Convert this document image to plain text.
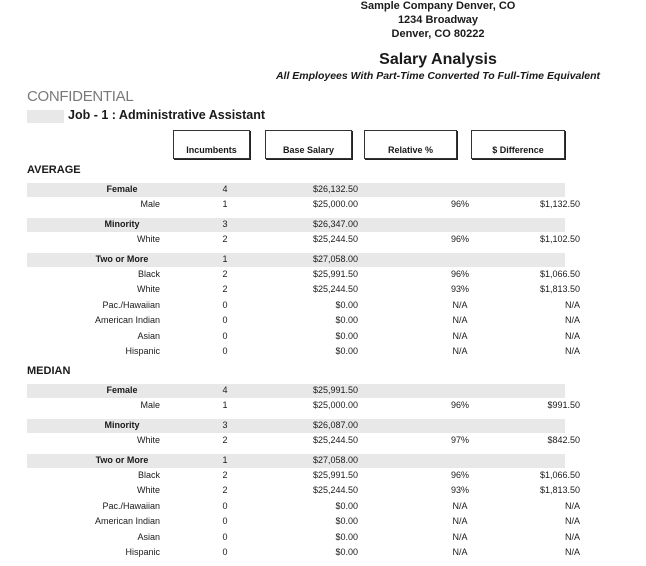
Sample Company Denver, CO
1234 Broadway
Denver, CO 80222
Salary Analysis
All Employees With Part-Time Converted To Full-Time Equivalent
CONFIDENTIAL
Job - 1 : Administrative Assistant
Incumbents	Base Salary	Relative %	$ Difference
AVERAGE
Female	4	$26,132.50
Male	1	$25,000.00	96%	$1,132.50
Minority	3	$26,347.00
White	2	$25,244.50	96%	$1,102.50
Two or More	1	$27,058.00
Black	2	$25,991.50	96%	$1,066.50
White	2	$25,244.50	93%	$1,813.50
Pac./Hawaiian	0	$0.00	N/A	N/A
American Indian	0	$0.00	N/A	N/A
Asian	0	$0.00	N/A	N/A
Hispanic	0	$0.00	N/A	N/A
MEDIAN
Female	4	$25,991.50
Male	1	$25,000.00	96%	$991.50
Minority	3	$26,087.00
White	2	$25,244.50	97%	$842.50
Two or More	1	$27,058.00
Black	2	$25,991.50	96%	$1,066.50
White	2	$25,244.50	93%	$1,813.50
Pac./Hawaiian	0	$0.00	N/A	N/A
American Indian	0	$0.00	N/A	N/A
Asian	0	$0.00	N/A	N/A
Hispanic	0	$0.00	N/A	N/A
